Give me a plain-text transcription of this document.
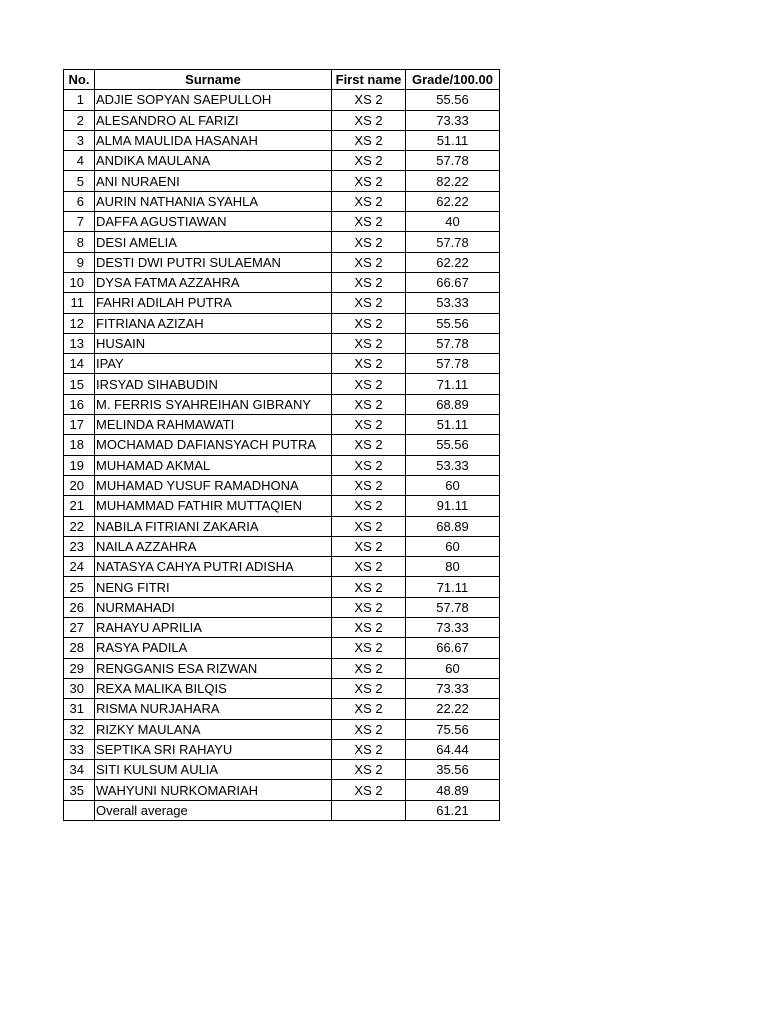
No.	Surname	First name	Grade/100.00
1	ADJIE SOPYAN SAEPULLOH	XS 2	55.56
2	ALESANDRO AL FARIZI	XS 2	73.33
3	ALMA MAULIDA HASANAH	XS 2	51.11
4	ANDIKA MAULANA	XS 2	57.78
5	ANI NURAENI	XS 2	82.22
6	AURIN NATHANIA SYAHLA	XS 2	62.22
7	DAFFA AGUSTIAWAN	XS 2	40
8	DESI AMELIA	XS 2	57.78
9	DESTI DWI PUTRI SULAEMAN	XS 2	62.22
10	DYSA FATMA AZZAHRA	XS 2	66.67
11	FAHRI ADILAH PUTRA	XS 2	53.33
12	FITRIANA AZIZAH	XS 2	55.56
13	HUSAIN	XS 2	57.78
14	IPAY	XS 2	57.78
15	IRSYAD SIHABUDIN	XS 2	71.11
16	M. FERRIS SYAHREIHAN GIBRANY	XS 2	68.89
17	MELINDA RAHMAWATI	XS 2	51.11
18	MOCHAMAD DAFIANSYACH PUTRA	XS 2	55.56
19	MUHAMAD AKMAL	XS 2	53.33
20	MUHAMAD YUSUF RAMADHONA	XS 2	60
21	MUHAMMAD FATHIR MUTTAQIEN	XS 2	91.11
22	NABILA FITRIANI ZAKARIA	XS 2	68.89
23	NAILA AZZAHRA	XS 2	60
24	NATASYA CAHYA PUTRI ADISHA	XS 2	80
25	NENG FITRI	XS 2	71.11
26	NURMAHADI	XS 2	57.78
27	RAHAYU APRILIA	XS 2	73.33
28	RASYA PADILA	XS 2	66.67
29	RENGGANIS ESA RIZWAN	XS 2	60
30	REXA MALIKA BILQIS	XS 2	73.33
31	RISMA NURJAHARA	XS 2	22.22
32	RIZKY MAULANA	XS 2	75.56
33	SEPTIKA SRI RAHAYU	XS 2	64.44
34	SITI KULSUM AULIA	XS 2	35.56
35	WAHYUNI NURKOMARIAH	XS 2	48.89
	Overall average		61.21
